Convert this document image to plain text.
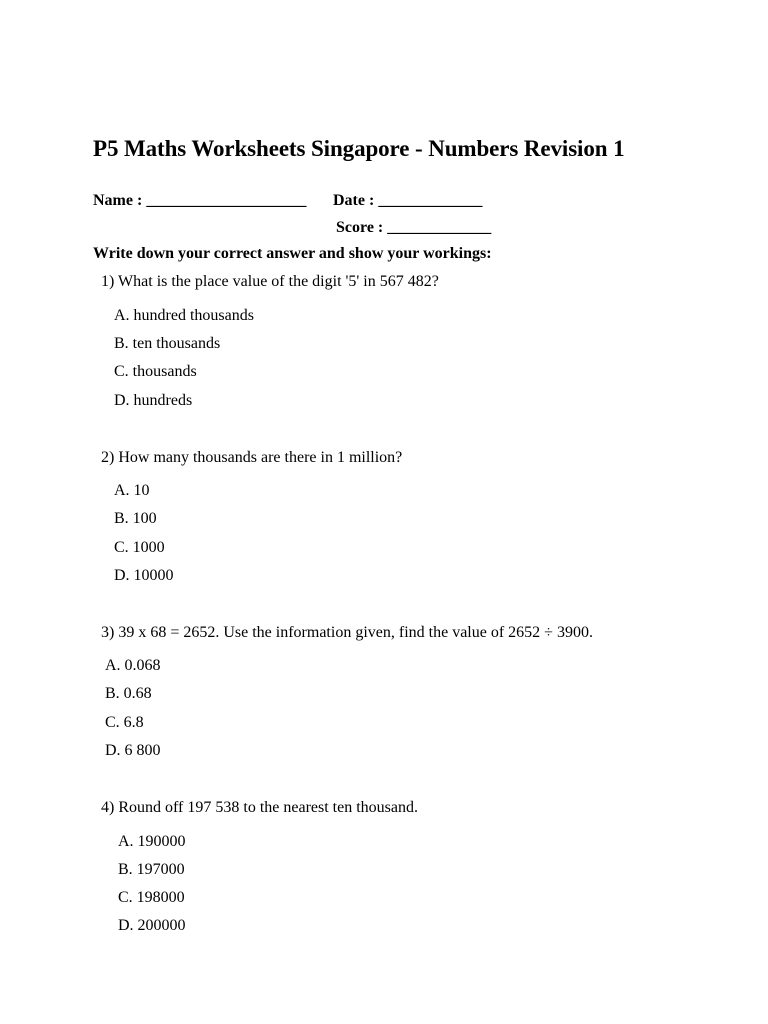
P5 Maths Worksheets Singapore - Numbers Revision 1
Name : ____________________ Date : _____________
Score : _____________
Write down your correct answer and show your workings:
1) What is the place value of the digit '5' in 567 482?
A. hundred thousands
B. ten thousands
C. thousands
D. hundreds
2) How many thousands are there in 1 million?
A. 10
B. 100
C. 1000
D. 10000
3) 39 x 68 = 2652. Use the information given, find the value of 2652 ÷ 3900.
A. 0.068
B. 0.68
C. 6.8
D. 6 800
4) Round off 197 538 to the nearest ten thousand.
A. 190000
B. 197000
C. 198000
D. 200000
